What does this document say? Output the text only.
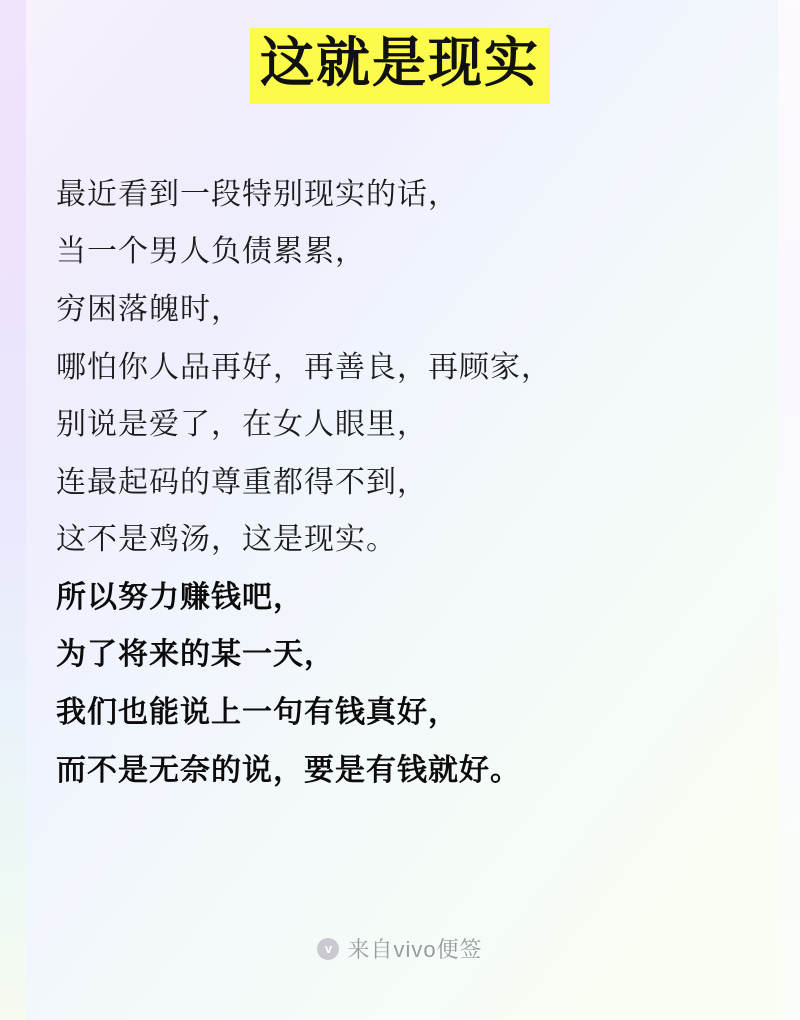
这就是现实
最近看到一段特别现实的话，
当一个男人负债累累，
穷困落魄时，
哪怕你人品再好，再善良，再顾家，
别说是爱了，在女人眼里，
连最起码的尊重都得不到，
这不是鸡汤，这是现实。
所以努力赚钱吧，
为了将来的某一天，
我们也能说上一句有钱真好，
而不是无奈的说，要是有钱就好。
v 来自vivo便签
